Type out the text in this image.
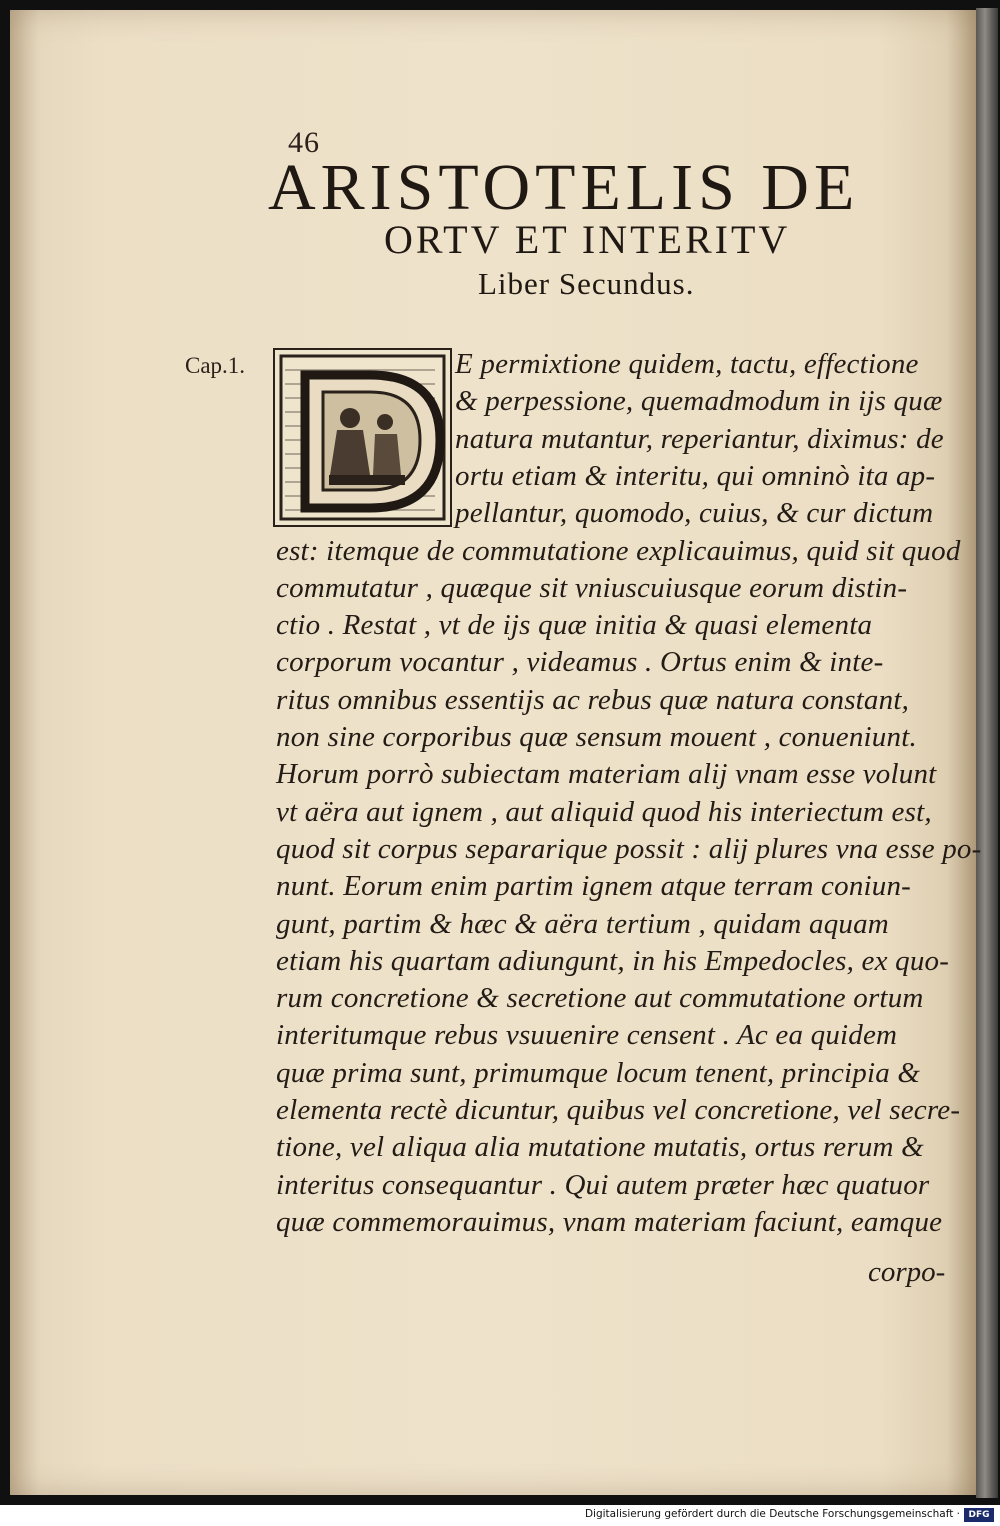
46
ARISTOTELIS DE
ORTV ET INTERITV
Liber Secundus.
Cap.1.	E permixtione quidem, tactu, effectione
& perpessione, quemadmodum in ijs quæ
natura mutantur, reperiantur, diximus: de
ortu etiam & interitu, qui omninò ita ap-
pellantur, quomodo, cuius, & cur dictum
est: itemque de commutatione explicauimus, quid sit quod
commutatur , quæque sit vniuscuiusque eorum distin-
ctio . Restat , vt de ijs quæ initia & quasi elementa
corporum vocantur , videamus . Ortus enim & inte-
ritus omnibus essentijs ac rebus quæ natura constant,
non sine corporibus quæ sensum mouent , conueniunt.
Horum porrò subiectam materiam alij vnam esse volunt
vt aëra aut ignem , aut aliquid quod his interiectum est,
quod sit corpus separarique possit : alij plures vna esse po-
nunt. Eorum enim partim ignem atque terram coniun-
gunt, partim & hæc & aëra tertium , quidam aquam
etiam his quartam adiungunt, in his Empedocles, ex quo-
rum concretione & secretione aut commutatione ortum
interitumque rebus vsuuenire censent . Ac ea quidem
quæ prima sunt, primumque locum tenent, principia &
elementa rectè dicuntur, quibus vel concretione, vel secre-
tione, vel aliqua alia mutatione mutatis, ortus rerum &
interitus consequantur . Qui autem præter hæc quatuor
quæ commemorauimus, vnam materiam faciunt, eamque
corpo-
Digitalisierung gefördert durch die Deutsche Forschungsgemeinschaft · DFG
